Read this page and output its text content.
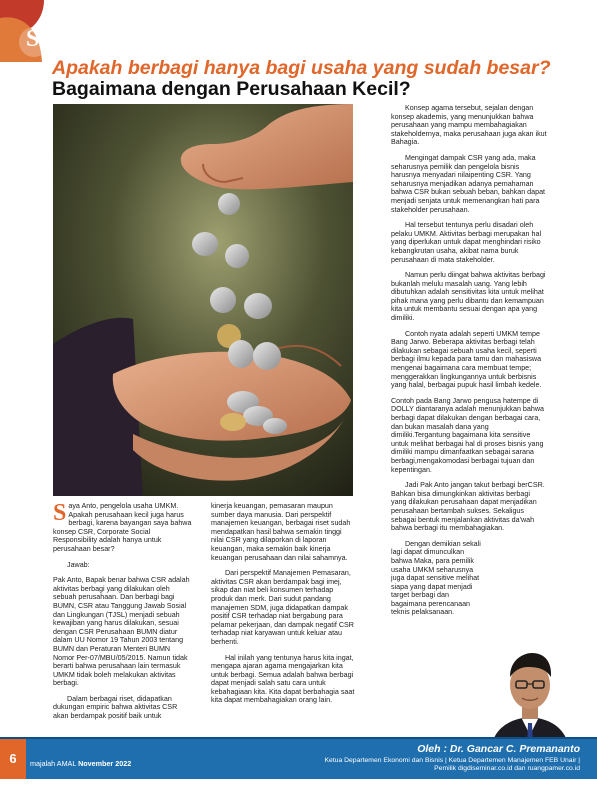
S
Apakah berbagi hanya bagi usaha yang sudah besar?
Bagaimana dengan Perusahaan Kecil?

Saya Anto, pengelola usaha UMKM. Apakah perusahaan kecil juga harus berbagi, karena bayangan saya bahwa konsep CSR, Corporate Social Responsibility adalah hanya untuk perusahaan besar?

Jawab:

Pak Anto, Bapak benar bahwa CSR adalah aktivitas berbagi yang dilakukan oleh sebuah perusahaan. Dan berbagi bagi BUMN, CSR atau Tanggung Jawab Sosial dan Lingkungan (TJSL) menjadi sebuah kewajiban yang harus dilakukan, sesuai dengan CSR Perusahaan BUMN diatur dalam UU Nomor 19 Tahun 2003 tentang BUMN dan Peraturan Menteri BUMN Nomor Per-07/MBU/05/2015. Namun tidak berarti bahwa perusahaan lain termasuk UMKM tidak boleh melakukan aktivitas berbagi.

Dalam berbagai riset, didapatkan dukungan empiric bahwa aktivitas CSR akan berdampak positif baik untuk

kinerja keuangan, pemasaran maupun sumber daya manusia. Dari perspektif manajemen keuangan, berbagai riset sudah mendapatkan hasil bahwa semakin tinggi nilai CSR yang dilaporkan di laporan keuangan, maka semakin baik kinerja keuangan perusahaan dan nilai sahamnya.

Dari perspektif Manajemen Pemasaran, aktivitas CSR akan berdampak bagi imej, sikap dan niat beli konsumen terhadap produk dan merk. Dari sudut pandang manajemen SDM, juga didapatkan dampak positif CSR terhadap niat bergabung para pelamar pekerjaan, dan dampak negatif CSR terhadap niat karyawan untuk keluar atau berhenti.

Hal inilah yang tentunya harus kita ingat, mengapa ajaran agama mengajarkan kita untuk berbagi. Semua adalah bahwa berbagi dapat menjadi salah satu cara untuk kebahagiaan kita. Kita dapat berbahagia saat kita dapat membahagiakan orang lain.

Konsep agama tersebut, sejalan dengan konsep akademis, yang menunjukkan bahwa perusahaan yang mampu membahagiakan stakeholdernya, maka perusahaan juga akan ikut Bahagia.

Mengingat dampak CSR yang ada, maka seharusnya pemilik dan pengelola bisnis harusnya menyadari nilaipenting CSR. Yang seharusnya menjadikan adanya pemahaman bahwa CSR bukan sebuah beban, bahkan dapat menjadi senjata untuk memenangkan hati para stakeholder perusahaan.

Hal tersebut tentunya perlu disadari oleh pelaku UMKM. Aktivitas berbagi merupakan hal yang diperlukan untuk dapat menghindari risiko kebangkrutan usaha, akibat nama buruk perusahaan di mata stakeholder.

Namun perlu diingat bahwa aktivitas berbagi bukanlah melulu masalah uang. Yang lebih dibutuhkan adalah sensitivitas kita untuk melihat pihak mana yang perlu dibantu dan kemampuan kita untuk membantu sesuai dengan apa yang dimiliki.

Contoh nyata adalah seperti UMKM tempe Bang Jarwo. Beberapa aktivitas berbagi telah dilakukan sebagai sebuah usaha kecil, seperti berbagi ilmu kepada para tamu dan mahasiswa mengenai bagaimana cara membuat tempe; menggerakkan lingkungannya untuk berbisnis yang halal, berbagai pupuk hasil limbah kedele.

Contoh pada Bang Jarwo pengusa hatempe di DOLLY diantaranya adalah menunjukkan bahwa berbagi dapat dilakukan dengan berbagai cara, dan bukan masalah dana yang dimiliki.Tergantung bagaimana kita sensitive untuk melihat berbagai hal di proses bisnis yang dimiliki mampu dimanfaatkan sebagai sarana berbagi,mengakomodasi berbagai tujuan dan kepentingan.

Jadi Pak Anto jangan takut berbagi berCSR. Bahkan bisa dimungkinkan aktivitas berbagi yang dilakukan perusahaan dapat menjadikan perusahaan bertambah sukses. Sekaligus sebagai bentuk menjalankan aktivitas da'wah bahwa berbagi itu membahagiakan.

Dengan demikian sekali lagi dapat dimunculkan bahwa Maka, para pemilik usaha UMKM seharusnya juga dapat sensitive melihat siapa yang dapat menjadi target berbagi dan bagaimana perencanaan teknis pelaksanaan.

6	majalah AMAL November 2022
Oleh : Dr. Gancar C. Premananto
Ketua Departemen Ekonomi dan Bisnis | Ketua Departemen Manajemen FEB Unair |
Pemilik digdiseminar.co.id dan ruangpamer.co.id
